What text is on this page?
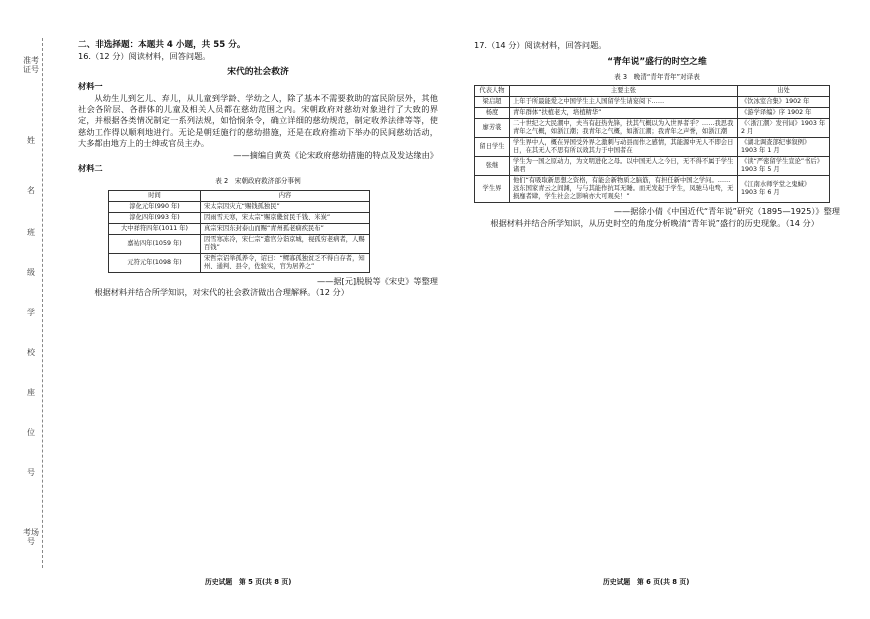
准考证号
姓
名
班
级
学
校
座
位
号
考场号
二、非选择题：本题共 4 小题，共 55 分。
16.（12 分）阅读材料，回答问题。
宋代的社会救济
材料一
从幼生儿到乞儿、弃儿，从儿童到学龄、学幼之人，除了基本不需要救助的富民阶层外，其他社会各阶层、各群体的儿童及相关人员都在慈幼范围之内。宋朝政府对慈幼对象进行了大致的界定，并根据各类情况制定一系列法规，如恰悯条令，确立详细的慈幼规范，制定收养法律等等，使慈幼工作得以顺利地进行。无论是朝廷施行的慈幼措施，还是在政府推动下举办的民间慈幼活动，大多都由地方上的士绅或官员主办。
——摘编自黄英《论宋政府慈幼措施的特点及发达缘由》
材料二
表 2　宋朝政府救济部分事例
时间	内容
淳化元年(990 年)	宋太宗因灾亢“赐钱孤独民”
淳化四年(993 年)	因雨雪天寒，宋太宗“赐京畿贫民千钱、米炭”
大中祥符四年(1011 年)	真宗宋因东封泰山而赐“青州孤老痼疾民布”
嘉祐四年(1059 年)	因雪寒冻冷，宋仁宗“遣官分诣京城，视孤穷老病者，人赐百钱”
元符元年(1098 年)	宋哲宗诏举孤养令，诏曰：“鳏寡孤独贫乏不得自存者，知州、通判、县令，佐验实，官为居养之”
——据[元]脱脱等《宋史》等整理
根据材料并结合所学知识，对宋代的社会救济做出合理解释。（12 分）
17.（14 分）阅读材料，回答问题。
“青年说”盛行的时空之维
表 3　晚清“青年青年”对译表
代表人物	主要主张	出处
梁启超	上年于所最能爱之中国学生主人国留学生请宴阅下……	《饮冰室合集》1902 年
杨度	青年群体“扶植老大，培植精华”	《游学译编》序 1902 年
廖芳裳	二十世纪之大民潮中，夫当有赶热先锋，扶其气概以为入世界者乎？……我思我青年之气概，如浙江潮；我青年之气概，如浙江潮；我青年之声誉，如浙江潮	《〈浙江潮〉发刊词》1903 年 2 月
留日学生	学生界中人，概在异国受外界之激刺与动县而作之感情，其能源中无人不即会日日，在其无人不思有所以效其力于中国者在	《湖北调查部纪事叙例》1903 年 1 月
张继	学生为一国之原动力，为文明进化之母。以中国无人之今日，无不得不属于学生诸君	《读“严密留学生宣论”书后》1903 年 5 月
学生界	他们“有吸取新思想之资格，有能会新物质之脑筋，有担任新中国之学问。……远东国家青云之间渊，与与其能作抗耳无睡。而无发起于学生，凤驰马电骛，无损靡者肆，学生社会之影响亦大可观矣！”	《江南水师学堂之鬼蜮》1903 年 6 月
——据徐小倩《中国近代“青年说”研究（1895—1925）》整理
根据材料并结合所学知识，从历史时空的角度分析晚清“青年说”盛行的历史现象。（14 分）
历史试题　第 5 页(共 8 页)	历史试题　第 6 页(共 8 页)
